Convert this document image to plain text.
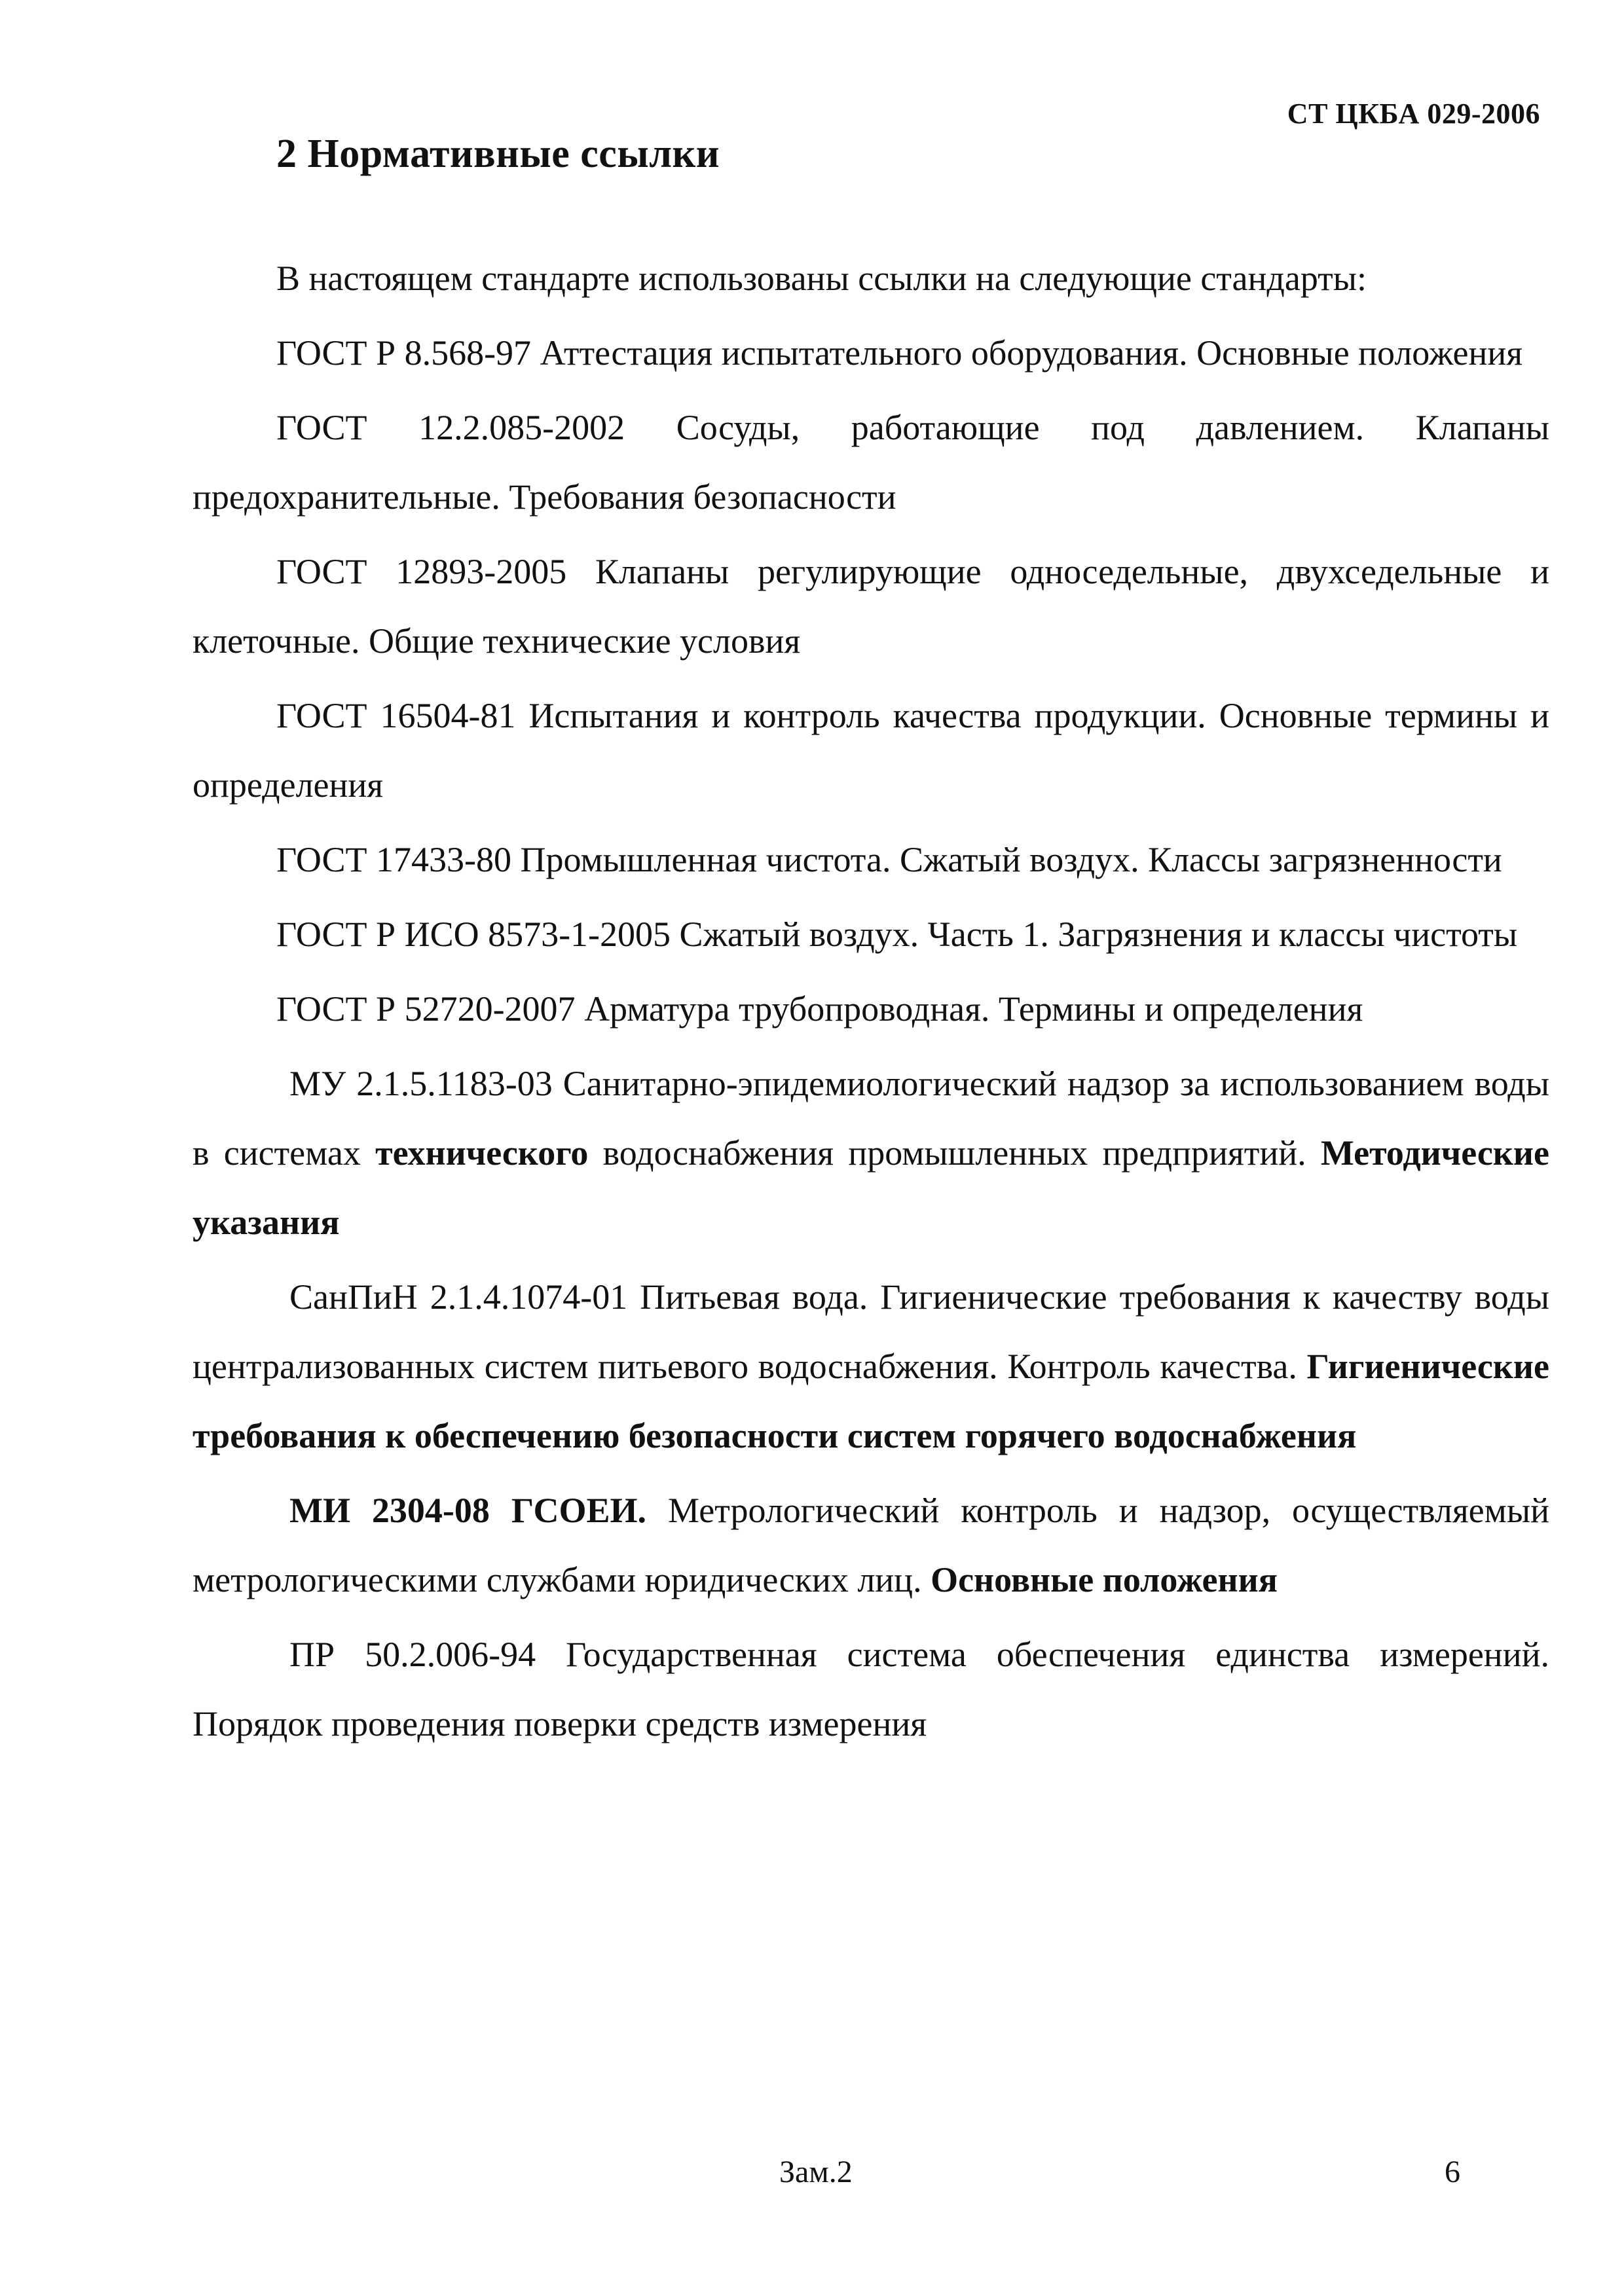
СТ ЦКБА 029-2006
2 Нормативные ссылки

В настоящем стандарте использованы ссылки на следующие стандарты:

ГОСТ Р 8.568-97 Аттестация испытательного оборудования. Основные положения

ГОСТ 12.2.085-2002 Сосуды, работающие под давлением. Клапаны предохранительные. Требования безопасности

ГОСТ 12893-2005 Клапаны регулирующие односедельные, двухседельные и клеточные. Общие технические условия

ГОСТ 16504-81 Испытания и контроль качества продукции. Основные термины и определения

ГОСТ 17433-80 Промышленная чистота. Сжатый воздух. Классы загрязненности

ГОСТ Р ИСО 8573-1-2005 Сжатый воздух. Часть 1. Загрязнения и классы чистоты

ГОСТ Р 52720-2007 Арматура трубопроводная. Термины и определения

МУ 2.1.5.1183-03 Санитарно-эпидемиологический надзор за использованием воды в системах технического водоснабжения промышленных предприятий. Методические указания

СанПиН 2.1.4.1074-01 Питьевая вода. Гигиенические требования к качеству воды централизованных систем питьевого водоснабжения. Контроль качества. Гигиенические требования к обеспечению безопасности систем горячего водоснабжения

МИ 2304-08 ГСОЕИ. Метрологический контроль и надзор, осуществляемый метрологическими службами юридических лиц. Основные положения

ПР 50.2.006-94 Государственная система обеспечения единства измерений. Порядок проведения поверки средств измерения

Зам.2	6
